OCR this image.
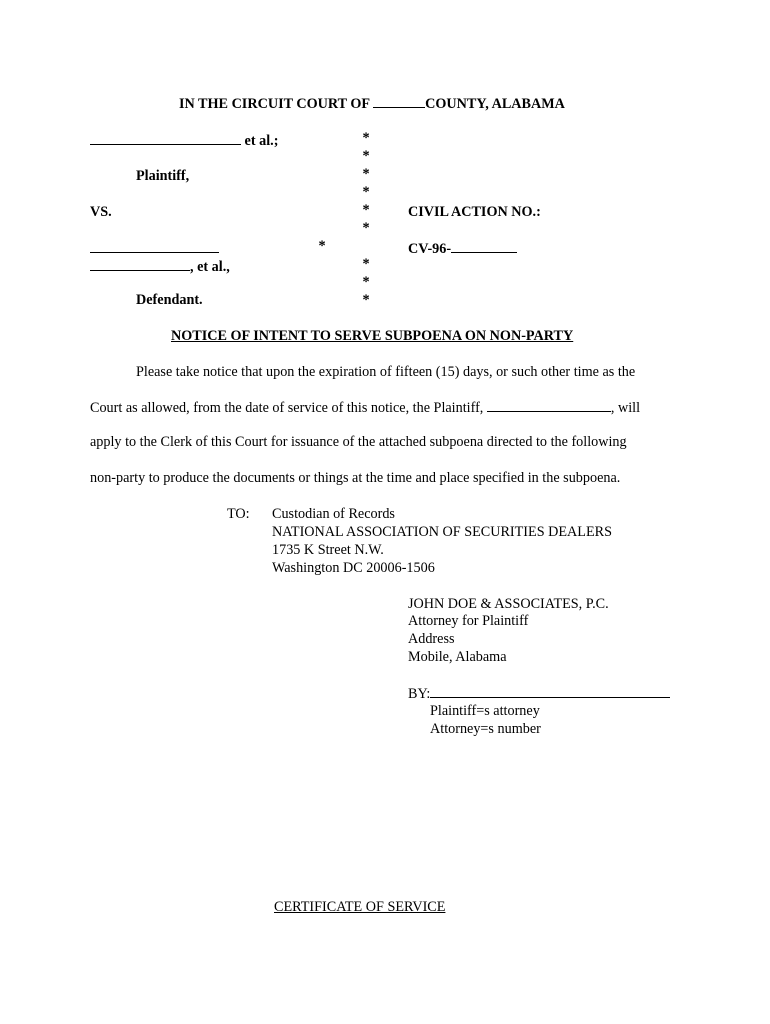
IN THE CIRCUIT COURT OF	COUNTY, ALABAMA
et al.;
Plaintiff,
VS.	CIVIL ACTION NO.:
CV-96-
, et al.,
Defendant.
*
*
*
*
*
*
*
*
*
*
NOTICE OF INTENT TO SERVE SUBPOENA ON NON-PARTY
Please take notice that upon the expiration of fifteen (15) days, or such other time as the
Court as allowed, from the date of service of this notice, the Plaintiff,	, will
apply to the Clerk of this Court for issuance of the attached subpoena directed to the following
non-party to produce the documents or things at the time and place specified in the subpoena.
TO: Custodian of Records
NATIONAL ASSOCIATION OF SECURITIES DEALERS
1735 K Street N.W.
Washington DC 20006-1506
JOHN DOE & ASSOCIATES, P.C.
Attorney for Plaintiff
Address
Mobile, Alabama
BY:
Plaintiff=s attorney
Attorney=s number
CERTIFICATE OF SERVICE
